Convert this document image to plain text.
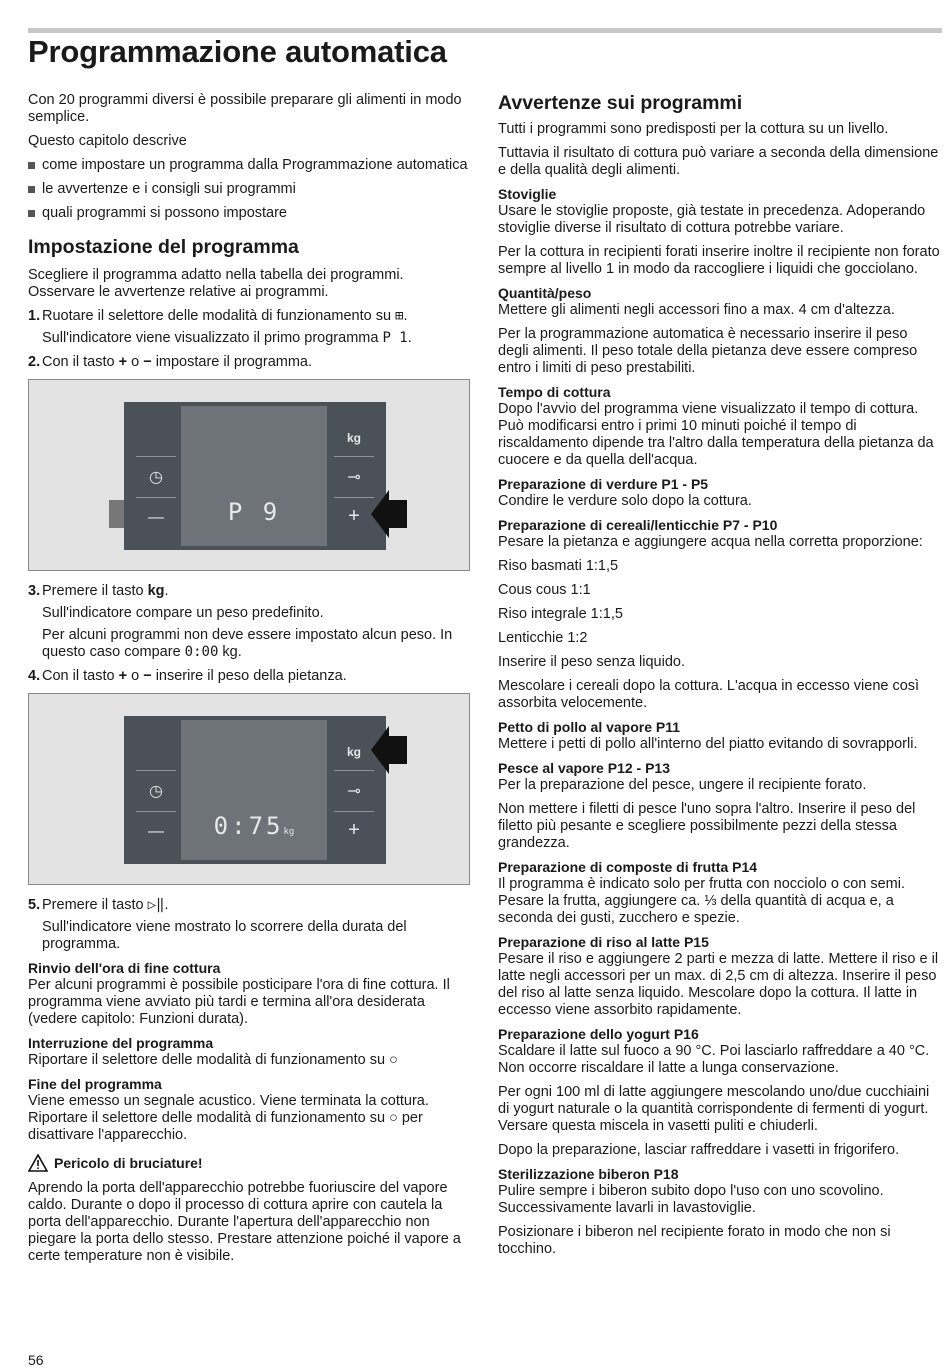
Programmazione automatica

Con 20 programmi diversi è possibile preparare gli alimenti in modo semplice.

Questo capitolo descrive

come impostare un programma dalla Programmazione automatica
le avvertenze e i consigli sui programmi
quali programmi si possono impostare
Impostazione del programma

Scegliere il programma adatto nella tabella dei programmi. Osservare le avvertenze relative ai programmi.

1. Ruotare il selettore delle modalità di funzionamento su ⊞.
Sull'indicatore viene visualizzato il primo programma P 1.
2. Con il tasto + o − impostare il programma.
P 9
◷
—
kg
⊸
+
3. Premere il tasto kg.
Sull'indicatore compare un peso predefinito.
Per alcuni programmi non deve essere impostato alcun peso. In questo caso compare 0:00 kg.
4. Con il tasto + o − inserire il peso della pietanza.
0:75kg
◷
—
kg
⊸
+
5. Premere il tasto ▷‖.
Sull'indicatore viene mostrato lo scorrere della durata del programma.
Rinvio dell'ora di fine cottura

Per alcuni programmi è possibile posticipare l'ora di fine cottura. Il programma viene avviato più tardi e termina all'ora desiderata (vedere capitolo: Funzioni durata).

Interruzione del programma

Riportare il selettore delle modalità di funzionamento su ○

Fine del programma

Viene emesso un segnale acustico. Viene terminata la cottura. Riportare il selettore delle modalità di funzionamento su ○ per disattivare l'apparecchio.

Pericolo di bruciature!

Aprendo la porta dell'apparecchio potrebbe fuoriuscire del vapore caldo. Durante o dopo il processo di cottura aprire con cautela la porta dell'apparecchio. Durante l'apertura dell'apparecchio non piegare la porta dello stesso. Prestare attenzione poiché il vapore a certe temperature non è visibile.

Avvertenze sui programmi

Tutti i programmi sono predisposti per la cottura su un livello.

Tuttavia il risultato di cottura può variare a seconda della dimensione e della qualità degli alimenti.

Stoviglie

Usare le stoviglie proposte, già testate in precedenza. Adoperando stoviglie diverse il risultato di cottura potrebbe variare.

Per la cottura in recipienti forati inserire inoltre il recipiente non forato sempre al livello 1 in modo da raccogliere i liquidi che gocciolano.

Quantità/peso

Mettere gli alimenti negli accessori fino a max. 4 cm d'altezza.

Per la programmazione automatica è necessario inserire il peso degli alimenti. Il peso totale della pietanza deve essere compreso entro i limiti di peso prestabiliti.

Tempo di cottura

Dopo l'avvio del programma viene visualizzato il tempo di cottura. Può modificarsi entro i primi 10 minuti poiché il tempo di riscaldamento dipende tra l'altro dalla temperatura della pietanza da cuocere e da quella dell'acqua.

Preparazione di verdure P1 - P5

Condire le verdure solo dopo la cottura.

Preparazione di cereali/lenticchie P7 - P10

Pesare la pietanza e aggiungere acqua nella corretta proporzione:

Riso basmati 1:1,5

Cous cous 1:1

Riso integrale 1:1,5

Lenticchie 1:2

Inserire il peso senza liquido.

Mescolare i cereali dopo la cottura. L'acqua in eccesso viene così assorbita velocemente.

Petto di pollo al vapore P11

Mettere i petti di pollo all'interno del piatto evitando di sovrapporli.

Pesce al vapore P12 - P13

Per la preparazione del pesce, ungere il recipiente forato.

Non mettere i filetti di pesce l'uno sopra l'altro. Inserire il peso del filetto più pesante e scegliere possibilmente pezzi della stessa grandezza.

Preparazione di composte di frutta P14

Il programma è indicato solo per frutta con nocciolo o con semi. Pesare la frutta, aggiungere ca. ⅓ della quantità di acqua e, a seconda dei gusti, zucchero e spezie.

Preparazione di riso al latte P15

Pesare il riso e aggiungere 2 parti e mezza di latte. Mettere il riso e il latte negli accessori per un max. di 2,5 cm di altezza. Inserire il peso del riso al latte senza liquido. Mescolare dopo la cottura. Il latte in eccesso viene assorbito rapidamente.

Preparazione dello yogurt P16

Scaldare il latte sul fuoco a 90 °C. Poi lasciarlo raffreddare a 40 °C. Non occorre riscaldare il latte a lunga conservazione.

Per ogni 100 ml di latte aggiungere mescolando uno/due cucchiaini di yogurt naturale o la quantità corrispondente di fermenti di yogurt. Versare questa miscela in vasetti puliti e chiuderli.

Dopo la preparazione, lasciar raffreddare i vasetti in frigorifero.

Sterilizzazione biberon P18

Pulire sempre i biberon subito dopo l'uso con uno scovolino. Successivamente lavarli in lavastoviglie.

Posizionare i biberon nel recipiente forato in modo che non si tocchino.

56
